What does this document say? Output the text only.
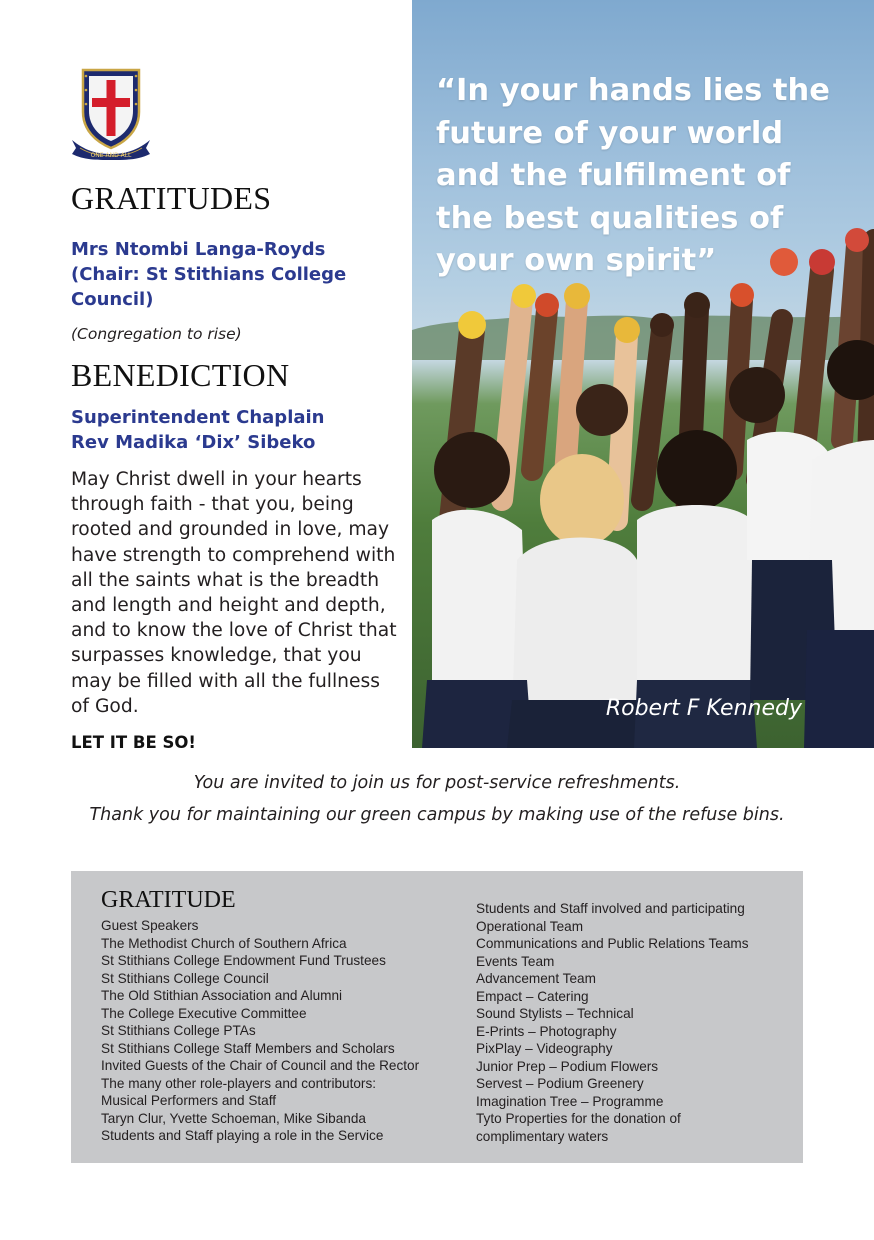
ONE AND ALL
GRATITUDES

Mrs Ntombi Langa-Royds

(Chair: St Stithians College

Council)

(Congregation to rise)

BENEDICTION

Superintendent Chaplain

Rev Madika ‘Dix’ Sibeko

May Christ dwell in your hearts
through faith - that you, being
rooted and grounded in love, may
have strength to comprehend with
all the saints what is the breadth
and length and height and depth,
and to know the love of Christ that
surpasses knowledge, that you
may be filled with all the fullness
of God.

LET IT BE SO!

“In your hands lies the
future of your world
and the fulfilment of
the best qualities of
your own spirit”

Robert F Kennedy

You are invited to join us for post-service refreshments.

Thank you for maintaining our green campus by making use of the refuse bins.

GRATITUDE
Guest Speakers
The Methodist Church of Southern Africa
St Stithians College Endowment Fund Trustees
St Stithians College Council
The Old Stithian Association and Alumni
The College Executive Committee
St Stithians College PTAs
St Stithians College Staff Members and Scholars
Invited Guests of the Chair of Council and the Rector
The many other role-players and contributors:
Musical Performers and Staff
Taryn Clur, Yvette Schoeman, Mike Sibanda
Students and Staff playing a role in the Service
Students and Staff involved and participating
Operational Team
Communications and Public Relations Teams
Events Team
Advancement Team
Empact – Catering
Sound Stylists – Technical
E-Prints – Photography
PixPlay – Videography
Junior Prep – Podium Flowers
Servest – Podium Greenery
Imagination Tree – Programme
Tyto Properties for the donation of
complimentary waters
